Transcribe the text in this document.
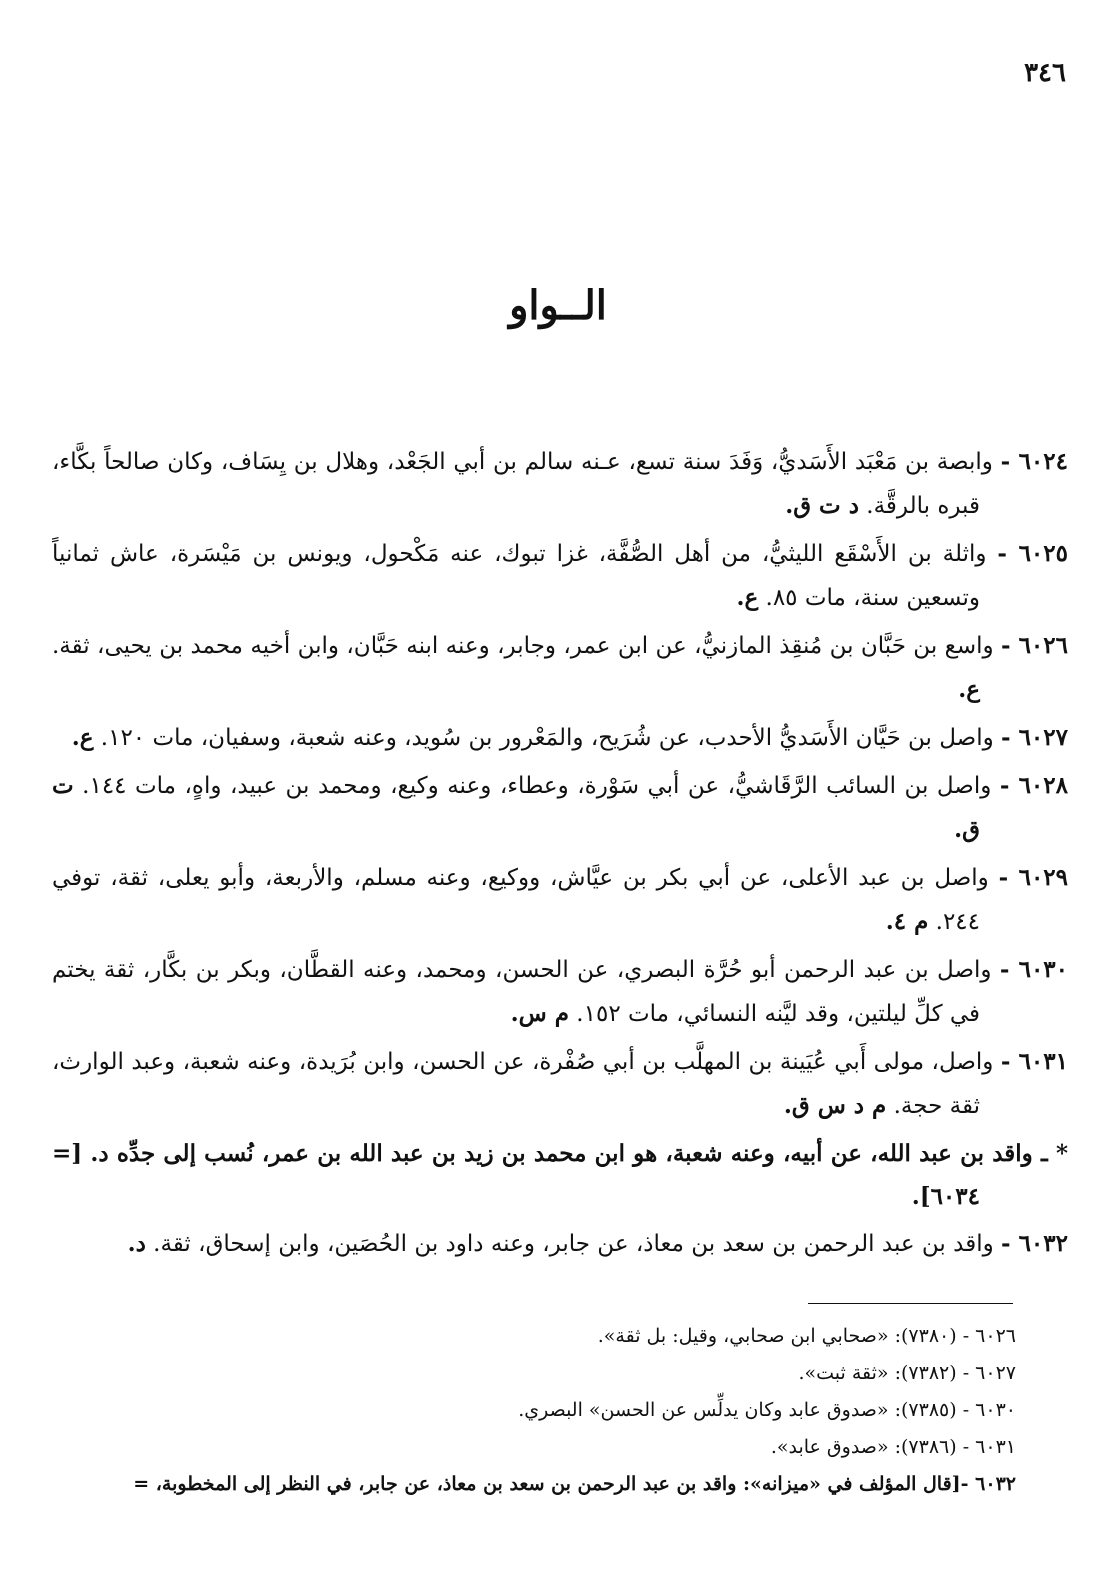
٣٤٦
الــواو

٦٠٢٤ - وابصة بن مَعْبَد الأَسَديُّ، وَفَدَ سنة تسع، عـنه سالم بن أبي الجَعْد، وهلال بن يِسَاف، وكان صالحاً بكَّاء، قبره بالرقَّة. د ت ق.

٦٠٢٥ - واثلة بن الأَسْقَع الليثيُّ، من أهل الصُّفَّة، غزا تبوك، عنه مَكْحول، ويونس بن مَيْسَرة، عاش ثمانياً وتسعين سنة، مات ٨٥. ع.

٦٠٢٦ - واسع بن حَبَّان بن مُنقِذ المازنيُّ، عن ابن عمر، وجابر، وعنه ابنه حَبَّان، وابن أخيه محمد بن يحيى، ثقة. ع.

٦٠٢٧ - واصل بن حَيَّان الأَسَديُّ الأحدب، عن شُرَيح، والمَعْرور بن سُويد، وعنه شعبة، وسفيان، مات ١٢٠. ع.

٦٠٢٨ - واصل بن السائب الرَّقَاشيُّ، عن أبي سَوْرة، وعطاء، وعنه وكيع، ومحمد بن عبيد، واهٍ، مات ١٤٤. ت ق.

٦٠٢٩ - واصل بن عبد الأعلى، عن أبي بكر بن عيَّاش، ووكيع، وعنه مسلم، والأربعة، وأبو يعلى، ثقة، توفي ٢٤٤. م ٤.

٦٠٣٠ - واصل بن عبد الرحمن أبو حُرَّة البصري، عن الحسن، ومحمد، وعنه القطَّان، وبكر بن بكَّار، ثقة يختم في كلِّ ليلتين، وقد ليَّنه النسائي، مات ١٥٢. م س.

٦٠٣١ - واصل، مولى أَبي عُيَينة بن المهلَّب بن أبي صُفْرة، عن الحسن، وابن بُرَيدة، وعنه شعبة، وعبد الوارث، ثقة حجة. م د س ق.

* ـ واقد بن عبد الله، عن أبيه، وعنه شعبة، هو ابن محمد بن زيد بن عبد الله بن عمر، نُسب إلى جدِّه د. [= ٦٠٣٤].

٦٠٣٢ - واقد بن عبد الرحمن بن سعد بن معاذ، عن جابر، وعنه داود بن الحُصَين، وابن إسحاق، ثقة. د.

٦٠٢٦ - (٧٣٨٠): «صحابي ابن صحابي، وقيل: بل ثقة».

٦٠٢٧ - (٧٣٨٢): «ثقة ثبت».

٦٠٣٠ - (٧٣٨٥): «صدوق عابد وكان يدلِّس عن الحسن» البصري.

٦٠٣١ - (٧٣٨٦): «صدوق عابد».

٦٠٣٢ -[قال المؤلف في «ميزانه»: واقد بن عبد الرحمن بن سعد بن معاذ، عن جابر، في النظر إلى المخطوبة، =
